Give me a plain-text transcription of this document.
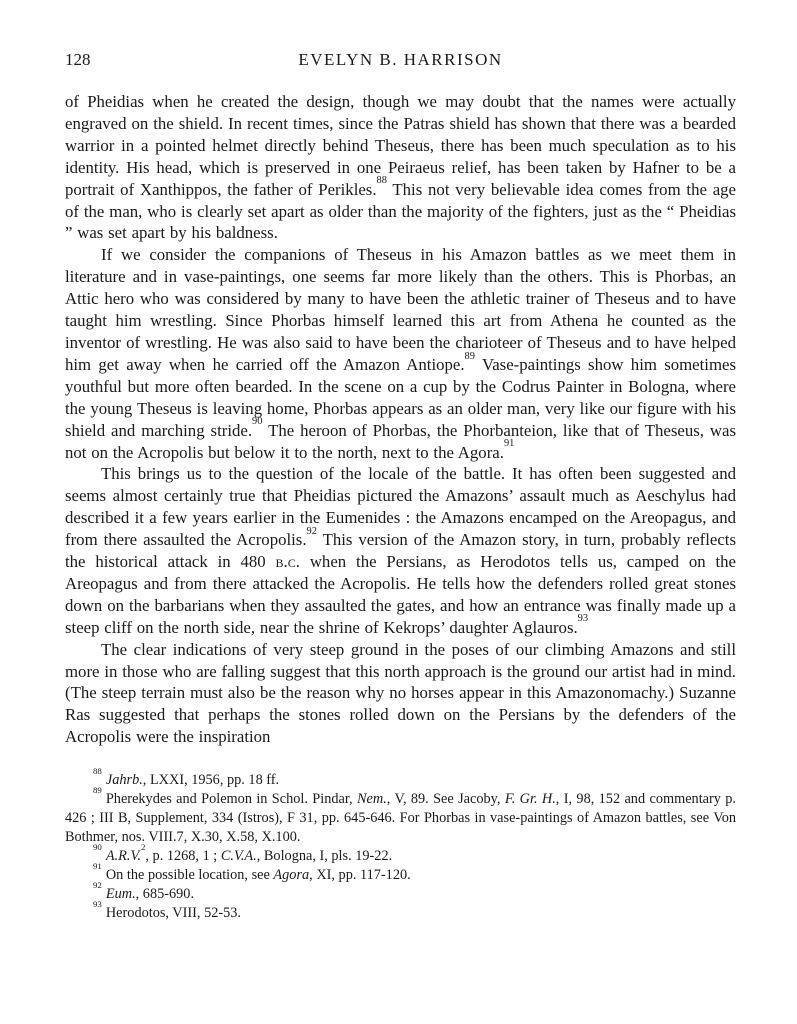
128	EVELYN B. HARRISON

of Pheidias when he created the design, though we may doubt that the names were actually engraved on the shield. In recent times, since the Patras shield has shown that there was a bearded warrior in a pointed helmet directly behind Theseus, there has been much speculation as to his identity. His head, which is preserved in one Peiraeus relief, has been taken by Hafner to be a portrait of Xanthippos, the father of Perikles.$^{88}$ This not very believable idea comes from the age of the man, who is clearly set apart as older than the majority of the fighters, just as the “ Pheidias ” was set apart by his baldness.

If we consider the companions of Theseus in his Amazon battles as we meet them in literature and in vase-paintings, one seems far more likely than the others. This is Phorbas, an Attic hero who was considered by many to have been the athletic trainer of Theseus and to have taught him wrestling. Since Phorbas himself learned this art from Athena he counted as the inventor of wrestling. He was also said to have been the charioteer of Theseus and to have helped him get away when he carried off the Amazon Antiope.$^{89}$ Vase-paintings show him sometimes youthful but more often bearded. In the scene on a cup by the Codrus Painter in Bologna, where the young Theseus is leaving home, Phorbas appears as an older man, very like our figure with his shield and marching stride.$^{90}$ The heroon of Phorbas, the Phorbanteion, like that of Theseus, was not on the Acropolis but below it to the north, next to the Agora.$^{91}$

This brings us to the question of the locale of the battle. It has often been suggested and seems almost certainly true that Pheidias pictured the Amazons’ assault much as Aeschylus had described it a few years earlier in the Eumenides : the Amazons encamped on the Areopagus, and from there assaulted the Acropolis.$^{92}$ This version of the Amazon story, in turn, probably reflects the historical attack in 480 b.c. when the Persians, as Herodotos tells us, camped on the Areopagus and from there attacked the Acropolis. He tells how the defenders rolled great stones down on the barbarians when they assaulted the gates, and how an entrance was finally made up a steep cliff on the north side, near the shrine of Kekrops’ daughter Aglauros.$^{93}$

The clear indications of very steep ground in the poses of our climbing Amazons and still more in those who are falling suggest that this north approach is the ground our artist had in mind. (The steep terrain must also be the reason why no horses appear in this Amazonomachy.) Suzanne Ras suggested that perhaps the stones rolled down on the Persians by the defenders of the Acropolis were the inspiration

$^{88}$Jahrb., LXXI, 1956, pp. 18 ff.

$^{89}$Pherekydes and Polemon in Schol. Pindar, Nem., V, 89. See Jacoby, F. Gr. H., I, 98, 152 and commentary p. 426 ; III B, Supplement, 334 (Istros), F 31, pp. 645-646. For Phorbas in vase-paintings of Amazon battles, see Von Bothmer, nos. VIII.7, X.30, X.58, X.100.

$^{90}$A.R.V.$^2$, p. 1268, 1 ; C.V.A., Bologna, I, pls. 19-22.

$^{91}$On the possible location, see Agora, XI, pp. 117-120.

$^{92}$Eum., 685-690.

$^{93}$Herodotos, VIII, 52-53.
